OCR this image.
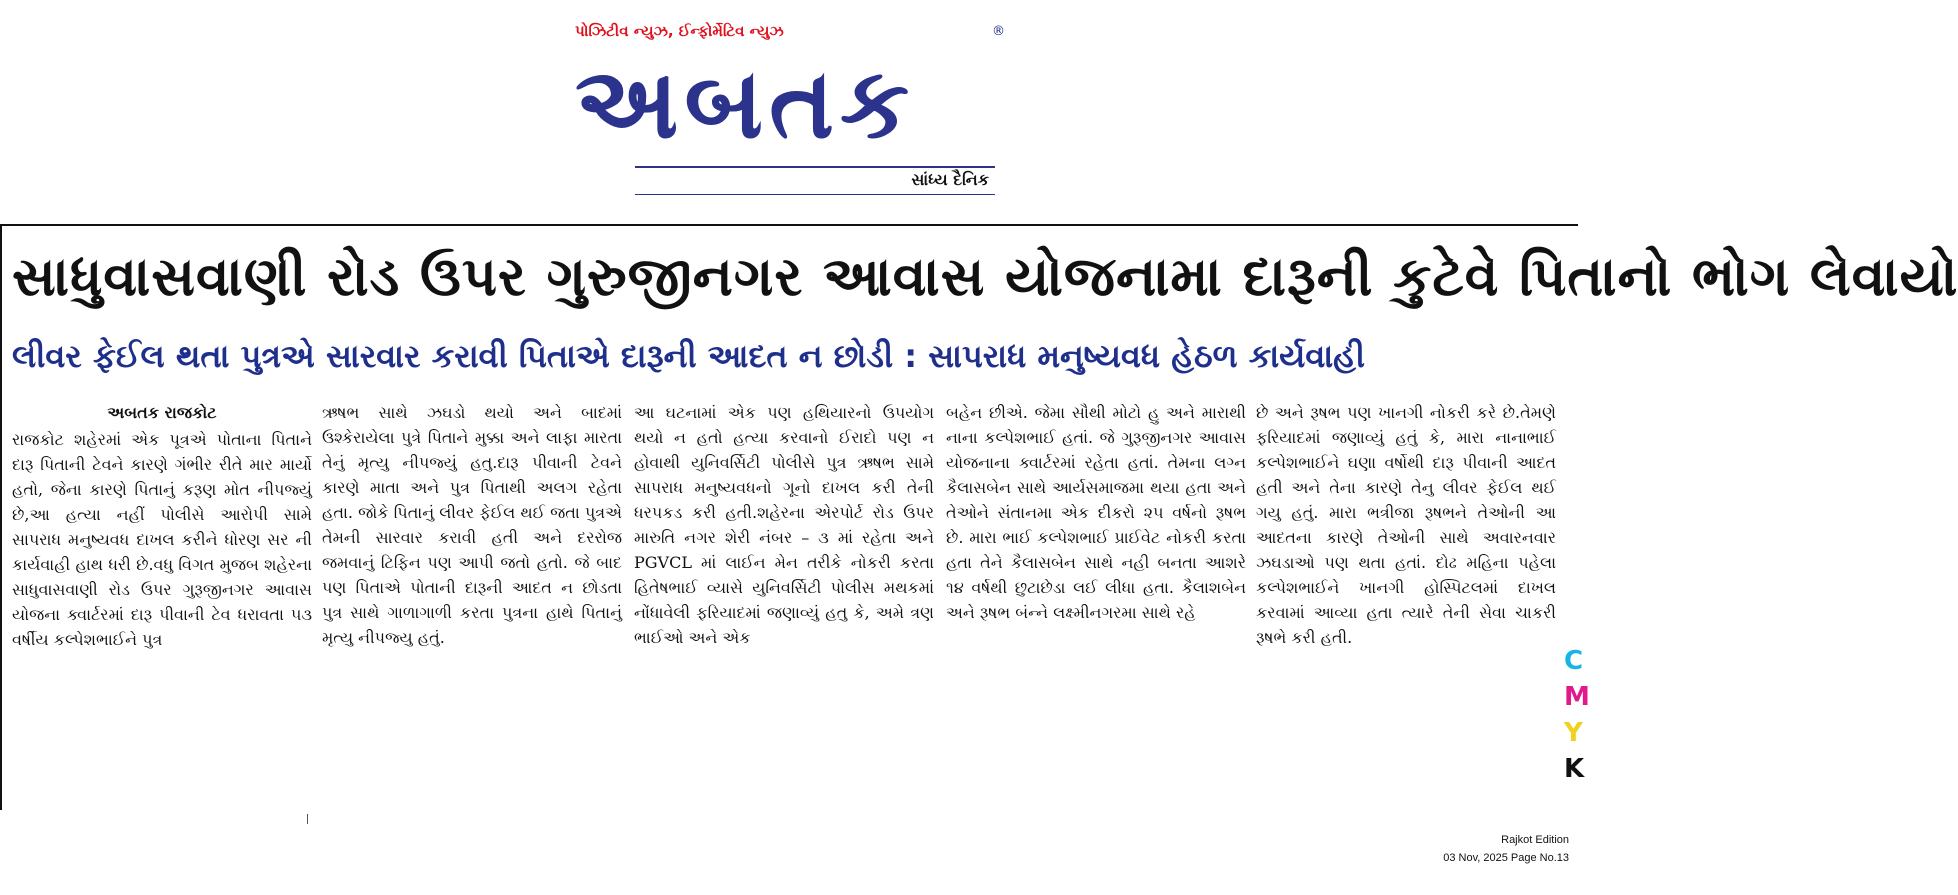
પોઝિટીવ ન્યુઝ, ઈન્ફોર્મેટિવ ન્યુઝ	®
અબતક
સાંધ્ય દૈનિક
સાધુવાસવાણી રોડ ઉપર ગુરુજીનગર આવાસ યોજનામા દારૂની કુટેવે પિતાનો ભોગ લેવાયો
લીવર ફેઈલ થતા પુત્રએ સારવાર કરાવી પિતાએ દારૂની આદત ન છોડી : સાપરાધ મનુષ્યવધ હેઠળ કાર્યવાહી
અબતક રાજકોટ

રાજકોટ શહેરમાં એક પૂત્રએ પોતાના પિતાને દારૂ પિતાની ટેવને કારણે ગંભીર રીતે માર માર્યો હતો, જેના કારણે પિતાનું કરૂણ મોત નીપજ્યું છે,આ હત્યા નહીં પોલીસે આરોપી સામે સાપરાધ મનુષ્યવધ દાખલ કરીને ધોરણ સર ની કાર્યવાહી હાથ ધરી છે.વધુ વિગત મુજબ શહેરના સાધુવાસવાણી રોડ ઉપર ગુરૂજીનગર આવાસ યોજના ક્વાર્ટરમાં દારૂ પીવાની ટેવ ધરાવતા ૫૩ વર્ષીય કલ્પેશભાઈને પુત્ર

ઋષભ સાથે ઝઘડો થયો અને બાદમાં ઉશ્કેરાયેલા પુત્રે પિતાને મુક્કા અને લાફા મારતા તેનું મૃત્યુ નીપજ્યું હતુ.દારૂ પીવાની ટેવને કારણે માતા અને પુત્ર પિતાથી અલગ રહેતા હતા. જોકે પિતાનું લીવર ફેઈલ થઈ જતા પુત્રએ તેમની સારવાર કરાવી હતી અને દરરોજ જમવાનું ટિફિન પણ આપી જતો હતો. જે બાદ પણ પિતાએ પોતાની દારૂની આદત ન છોડતા પુત્ર સાથે ગાળાગાળી કરતા પુત્રના હાથે પિતાનું મૃત્યુ નીપજ્યુ હતું.

આ ઘટનામાં એક પણ હથિયારનો ઉપયોગ થયો ન હતો હત્યા કરવાનો ઈરાદો પણ ન હોવાથી યુનિવર્સિટી પોલીસે પુત્ર ઋષભ સામે સાપરાધ મનુષ્યવધનો ગૂનો દાખલ કરી તેની ધરપકડ કરી હતી.શહેરના એરપોર્ટ રોડ ઉપર મારુતિ નગર શેરી નંબર – ૩ માં રહેતા અને PGVCL માં લાઈન મેન તરીકે નોકરી કરતા હિતેષભાઈ વ્યાસે યુનિવર્સિટી પોલીસ મથકમાં નોંધાવેલી ફરિયાદમાં જણાવ્યું હતુ કે, અમે ત્રણ ભાઈઓ અને એક

બહેન છીએ. જેમા સૌથી મોટો હુ અને મારાથી નાના કલ્પેશભાઈ હતાં. જે ગુરૂજીનગર આવાસ યોજનાના ક્વાર્ટરમાં રહેતા હતાં. તેમના લગ્ન કૈલાસબેન સાથે આર્યસમાજમા થયા હતા અને તેઓને સંતાનમા એક દીકરો ૨૫ વર્ષનો રૂષભ છે. મારા ભાઈ કલ્પેશભાઈ પ્રાઈવેટ નોકરી કરતા હતા તેને કૈલાસબેન સાથે નહી બનતા આશરે ૧૪ વર્ષથી છુટાછેડા લઈ લીધા હતા. કૈલાશબેન અને રૂષભ બંન્ને લક્ષ્મીનગરમા સાથે રહે

છે અને રૂષભ પણ ખાનગી નોકરી કરે છે.તેમણે ફરિયાદમાં જણાવ્યું હતું કે, મારા નાનાભાઈ કલ્પેશભાઈને ઘણા વર્ષોથી દારૂ પીવાની આદત હતી અને તેના કારણે તેનુ લીવર ફેઈલ થઈ ગયુ હતું. મારા ભત્રીજા રૂષભને તેઓની આ આદતના કારણે તેઓની સાથે અવારનવાર ઝઘડાઓ પણ થતા હતાં. દોઢ મહિના પહેલા કલ્પેશભાઈને ખાનગી હોસ્પિટલમાં દાખલ કરવામાં આવ્યા હતા ત્યારે તેની સેવા ચાકરી રૂષભે કરી હતી.

C
M
Y
K
Rajkot Edition
03 Nov, 2025 Page No.13
